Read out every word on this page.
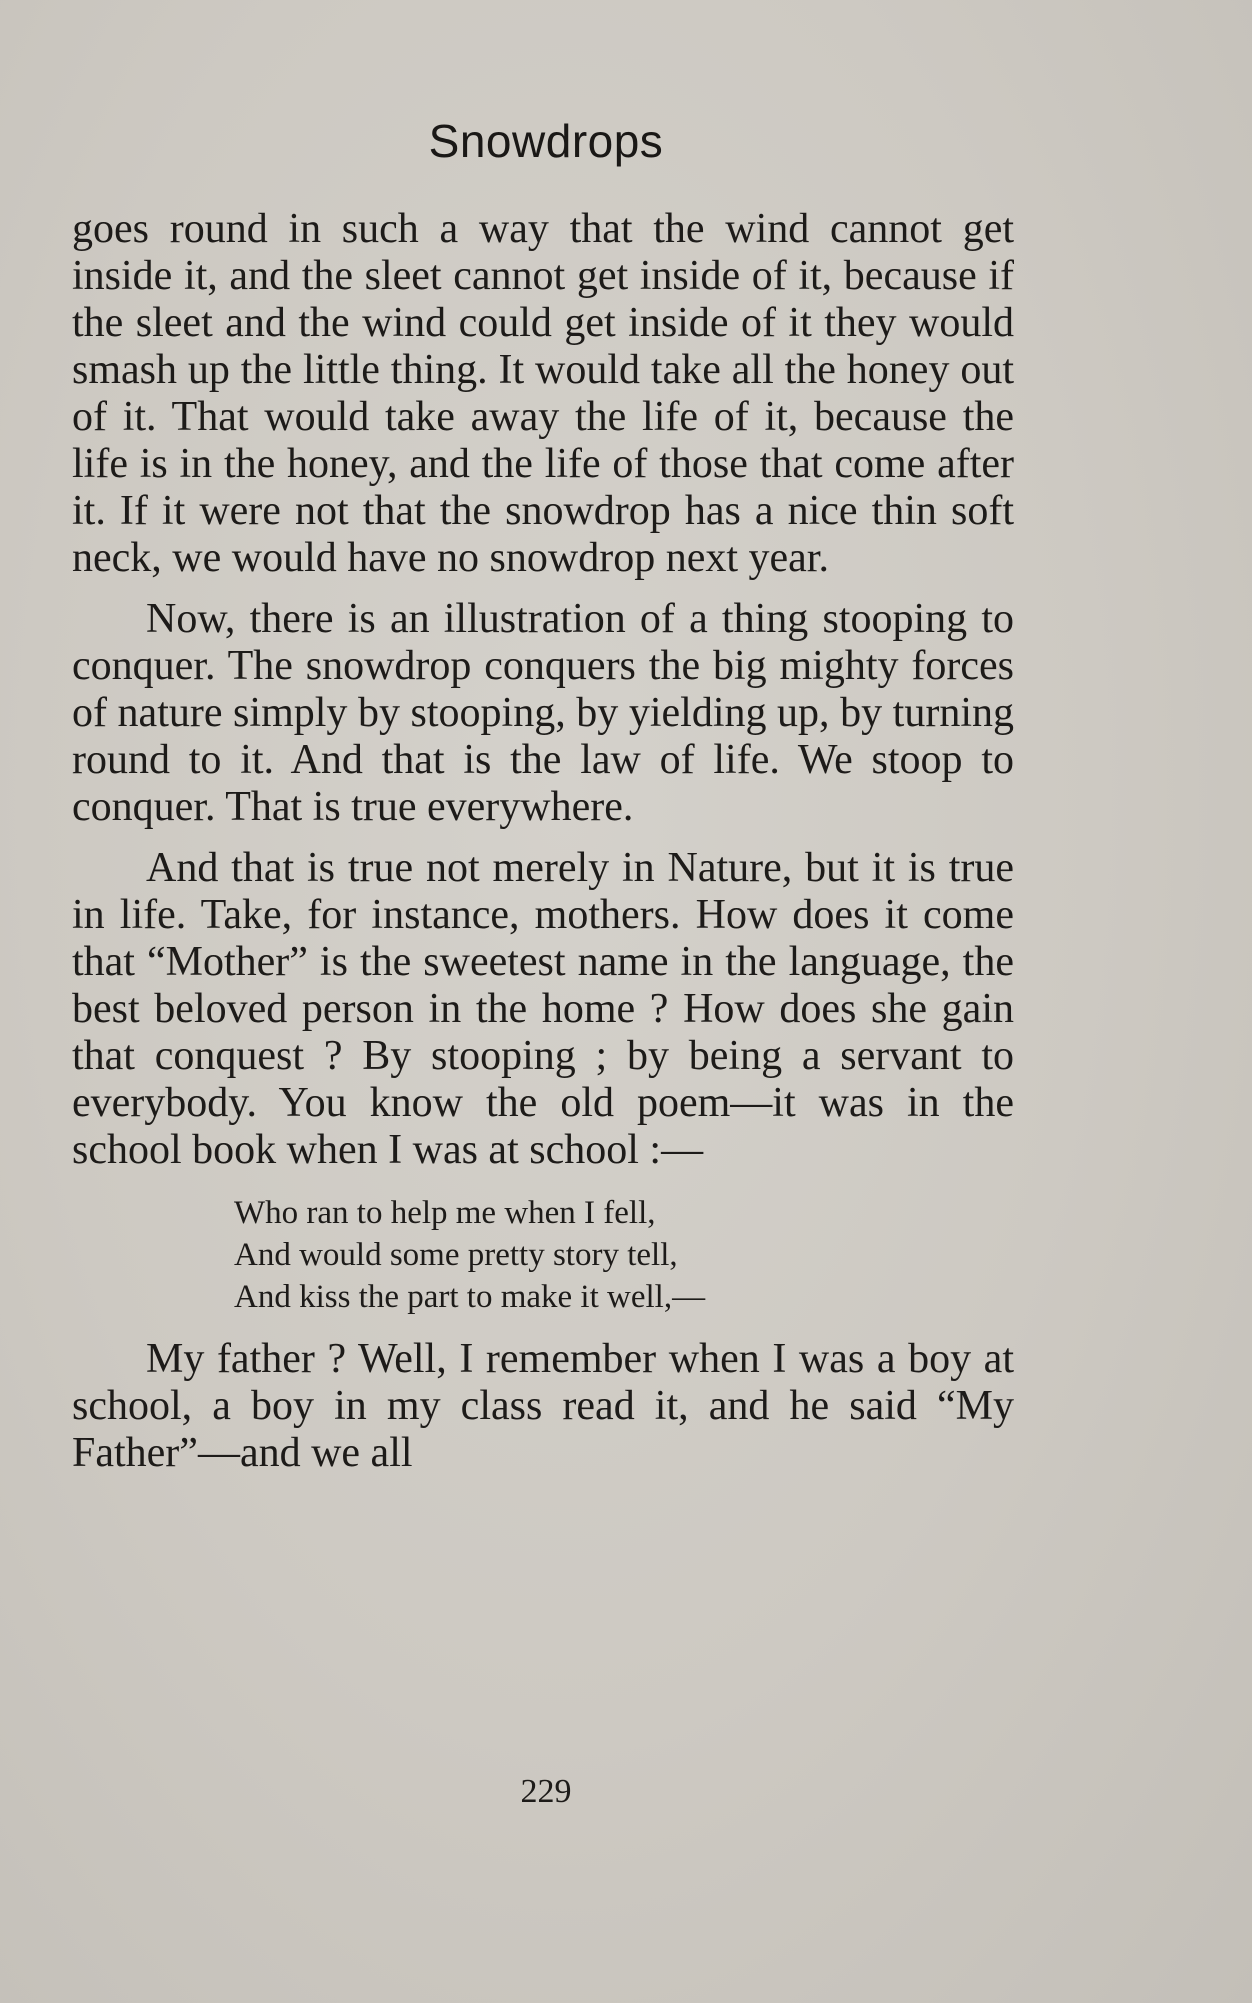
Snowdrops

goes round in such a way that the wind cannot get inside it, and the sleet cannot get inside of it, because if the sleet and the wind could get inside of it they would smash up the little thing. It would take all the honey out of it. That would take away the life of it, because the life is in the honey, and the life of those that come after it. If it were not that the snowdrop has a nice thin soft neck, we would have no snowdrop next year.

Now, there is an illustration of a thing stooping to conquer. The snowdrop conquers the big mighty forces of nature simply by stooping, by yielding up, by turning round to it. And that is the law of life. We stoop to conquer. That is true everywhere.

And that is true not merely in Nature, but it is true in life. Take, for instance, mothers. How does it come that “Mother” is the sweetest name in the language, the best beloved person in the home ? How does she gain that conquest ? By stooping ; by being a servant to everybody. You know the old poem—it was in the school book when I was at school :—

Who ran to help me when I fell,
And would some pretty story tell,
And kiss the part to make it well,—

My father ? Well, I remember when I was a boy at school, a boy in my class read it, and he said “My Father”—and we all

229
